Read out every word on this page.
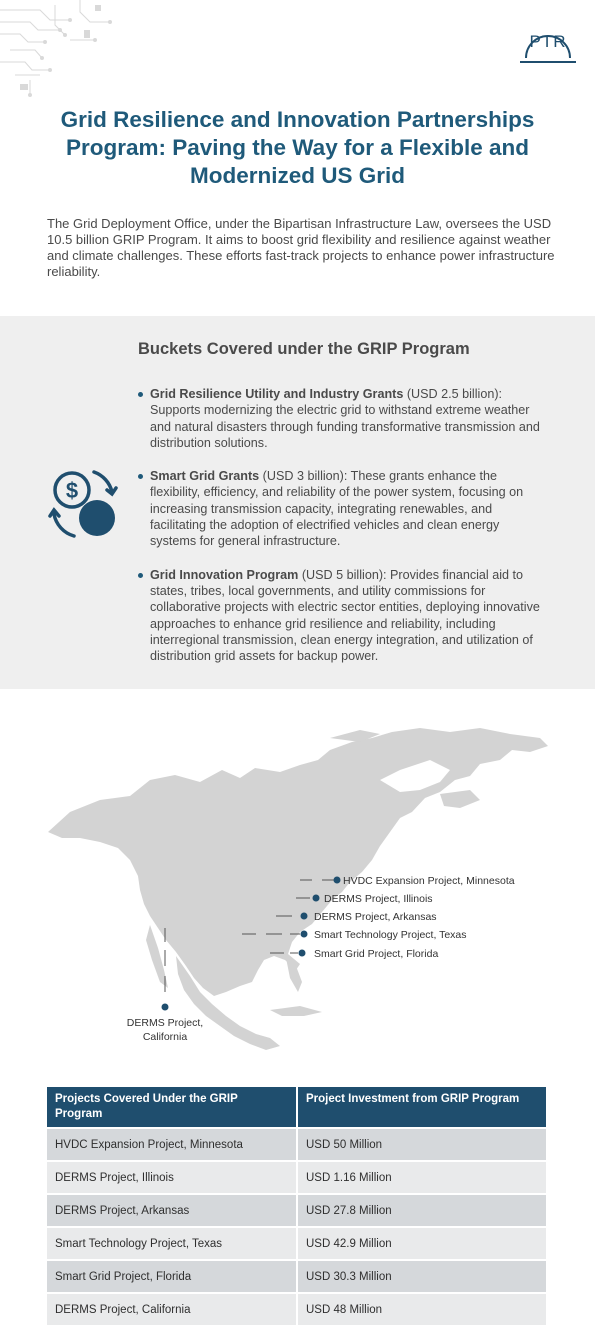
PTR
Grid Resilience and Innovation Partnerships Program: Paving the Way for a Flexible and Modernized US Grid

The Grid Deployment Office, under the Bipartisan Infrastructure Law, oversees the USD 10.5 billion GRIP Program. It aims to boost grid flexibility and resilience against weather and climate challenges. These efforts fast-track projects to enhance power infrastructure reliability.

Buckets Covered under the GRIP Program
$
Grid Resilience Utility and Industry Grants (USD 2.5 billion): Supports modernizing the electric grid to withstand extreme weather and natural disasters through funding transformative transmission and distribution solutions.
Smart Grid Grants (USD 3 billion): These grants enhance the flexibility, efficiency, and reliability of the power system, focusing on increasing transmission capacity, integrating renewables, and facilitating the adoption of electrified vehicles and clean energy systems for general infrastructure.
Grid Innovation Program (USD 5 billion): Provides financial aid to states, tribes, local governments, and utility commissions for collaborative projects with electric sector entities, deploying innovative approaches to enhance grid resilience and reliability, including interregional transmission, clean energy integration, and utilization of distribution grid assets for backup power.
HVDC Expansion Project, Minnesota
DERMS Project, Illinois
DERMS Project, Arkansas
Smart Technology Project, Texas
Smart Grid Project, Florida
DERMS Project, California
Projects Covered Under the GRIP Program	Project Investment from GRIP Program
HVDC Expansion Project, Minnesota	USD 50 Million
DERMS Project, Illinois	USD 1.16 Million
DERMS Project, Arkansas	USD 27.8 Million
Smart Technology Project, Texas	USD 42.9 Million
Smart Grid Project, Florida	USD 30.3 Million
DERMS Project, California	USD 48 Million
